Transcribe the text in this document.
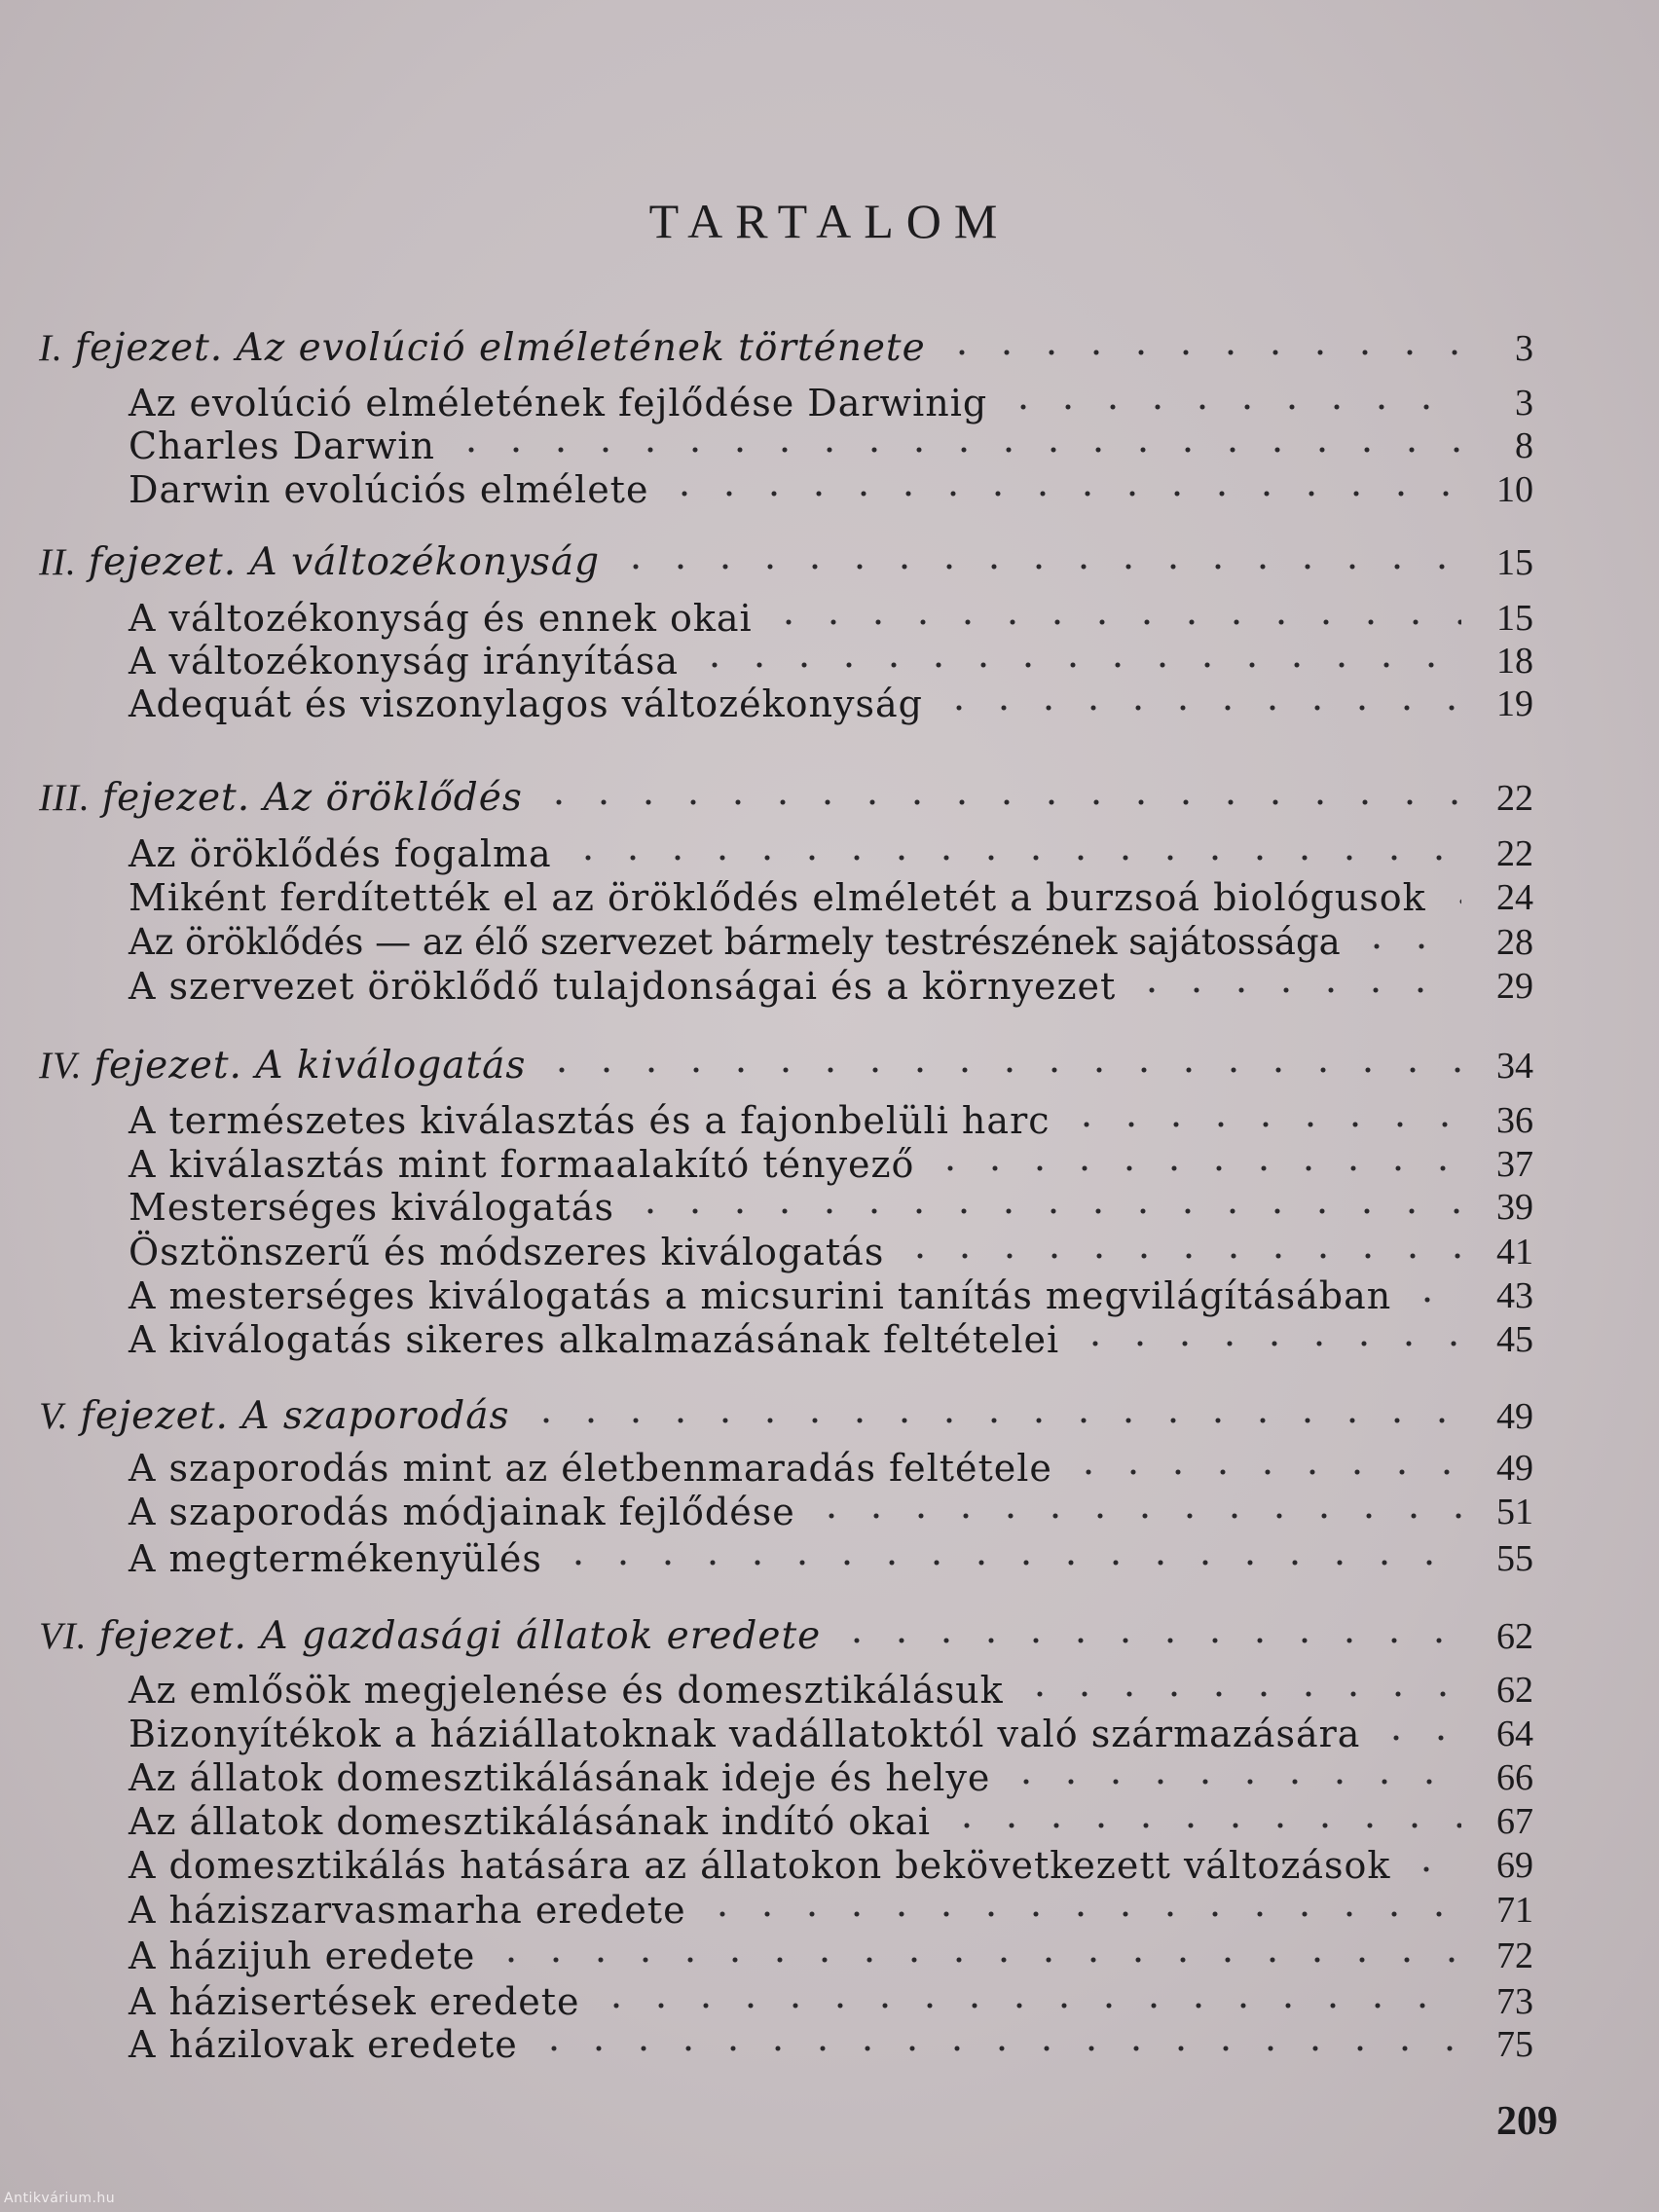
TARTALOM
I. fejezet. Az evolúció elméletének története	3
Az evolúció elméletének fejlődése Darwinig	3
Charles Darwin	8
Darwin evolúciós elmélete	10
II. fejezet. A változékonyság	15
A változékonyság és ennek okai	15
A változékonyság irányítása	18
Adequát és viszonylagos változékonyság	19
III. fejezet. Az öröklődés	22
Az öröklődés fogalma	22
Miként ferdítették el az öröklődés elméletét a burzsoá biológusok	24
Az öröklődés — az élő szervezet bármely testrészének sajátossága	28
A szervezet öröklődő tulajdonságai és a környezet	29
IV. fejezet. A kiválogatás	34
A természetes kiválasztás és a fajonbelüli harc	36
A kiválasztás mint formaalakító tényező	37
Mesterséges kiválogatás	39
Ösztönszerű és módszeres kiválogatás	41
A mesterséges kiválogatás a micsurini tanítás megvilágításában	43
A kiválogatás sikeres alkalmazásának feltételei	45
V. fejezet. A szaporodás	49
A szaporodás mint az életbenmaradás feltétele	49
A szaporodás módjainak fejlődése	51
A megtermékenyülés	55
VI. fejezet. A gazdasági állatok eredete	62
Az emlősök megjelenése és domesztikálásuk	62
Bizonyítékok a háziállatoknak vadállatoktól való származására	64
Az állatok domesztikálásának ideje és helye	66
Az állatok domesztikálásának indító okai	67
A domesztikálás hatására az állatokon bekövetkezett változások	69
A háziszarvasmarha eredete	71
A házijuh eredete	72
A házisertések eredete	73
A házilovak eredete	75
209
Antikvárium.hu
